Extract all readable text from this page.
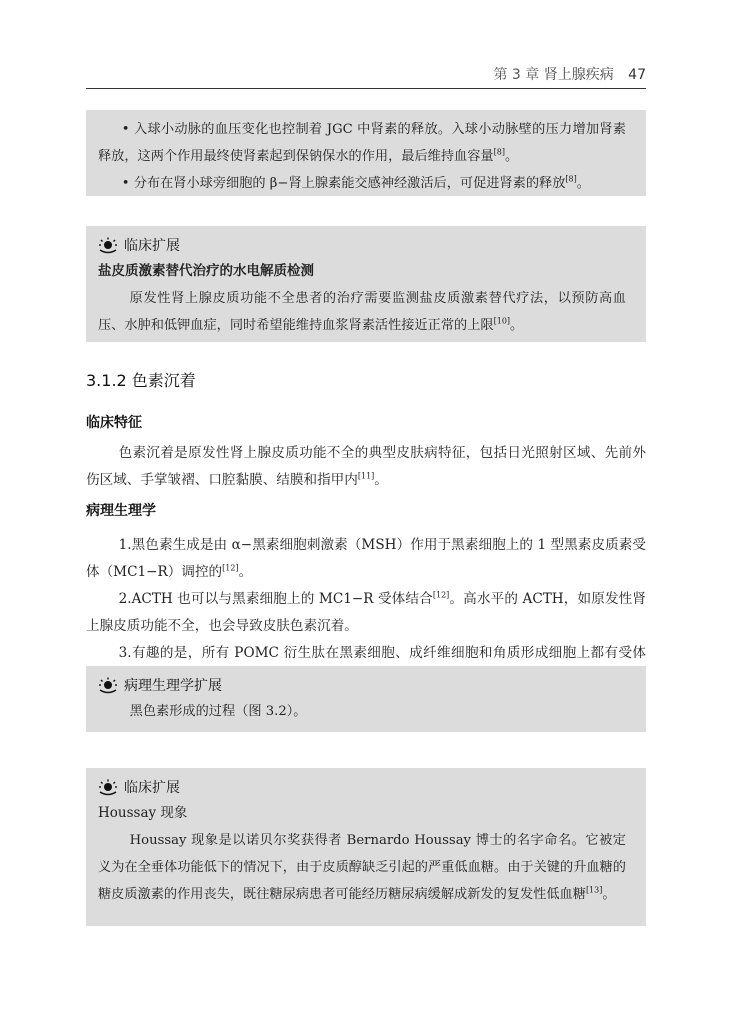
第 3 章 肾上腺疾病 47

• 入球小动脉的血压变化也控制着 JGC 中肾素的释放。入球小动脉壁的压力增加肾素释放，这两个作用最终使肾素起到保钠保水的作用，最后维持血容量[8]。

• 分布在肾小球旁细胞的 β−肾上腺素能交感神经激活后，可促进肾素的释放[8]。

临床扩展

盐皮质激素替代治疗的水电解质检测

原发性肾上腺皮质功能不全患者的治疗需要监测盐皮质激素替代疗法，以预防高血压、水肿和低钾血症，同时希望能维持血浆肾素活性接近正常的上限[10]。

3.1.2 色素沉着
临床特征

色素沉着是原发性肾上腺皮质功能不全的典型皮肤病特征，包括日光照射区域、先前外伤区域、手掌皱褶、口腔黏膜、结膜和指甲内[11]。

病理生理学

1.黑色素生成是由 α−黑素细胞刺激素（MSH）作用于黑素细胞上的 1 型黑素皮质素受体（MC1−R）调控的[12]。

2.ACTH 也可以与黑素细胞上的 MC1−R 受体结合[12]。高水平的 ACTH，如原发性肾上腺皮质功能不全，也会导致皮肤色素沉着。

3.有趣的是，所有 POMC 衍生肽在黑素细胞、成纤维细胞和角质形成细胞上都有受体

病理生理学扩展

黑色素形成的过程（图 3.2）。

临床扩展

Houssay 现象

Houssay 现象是以诺贝尔奖获得者 Bernardo Houssay 博士的名字命名。它被定义为在全垂体功能低下的情况下，由于皮质醇缺乏引起的严重低血糖。由于关键的升血糖的糖皮质激素的作用丧失，既往糖尿病患者可能经历糖尿病缓解成新发的复发性低血糖[13]。
